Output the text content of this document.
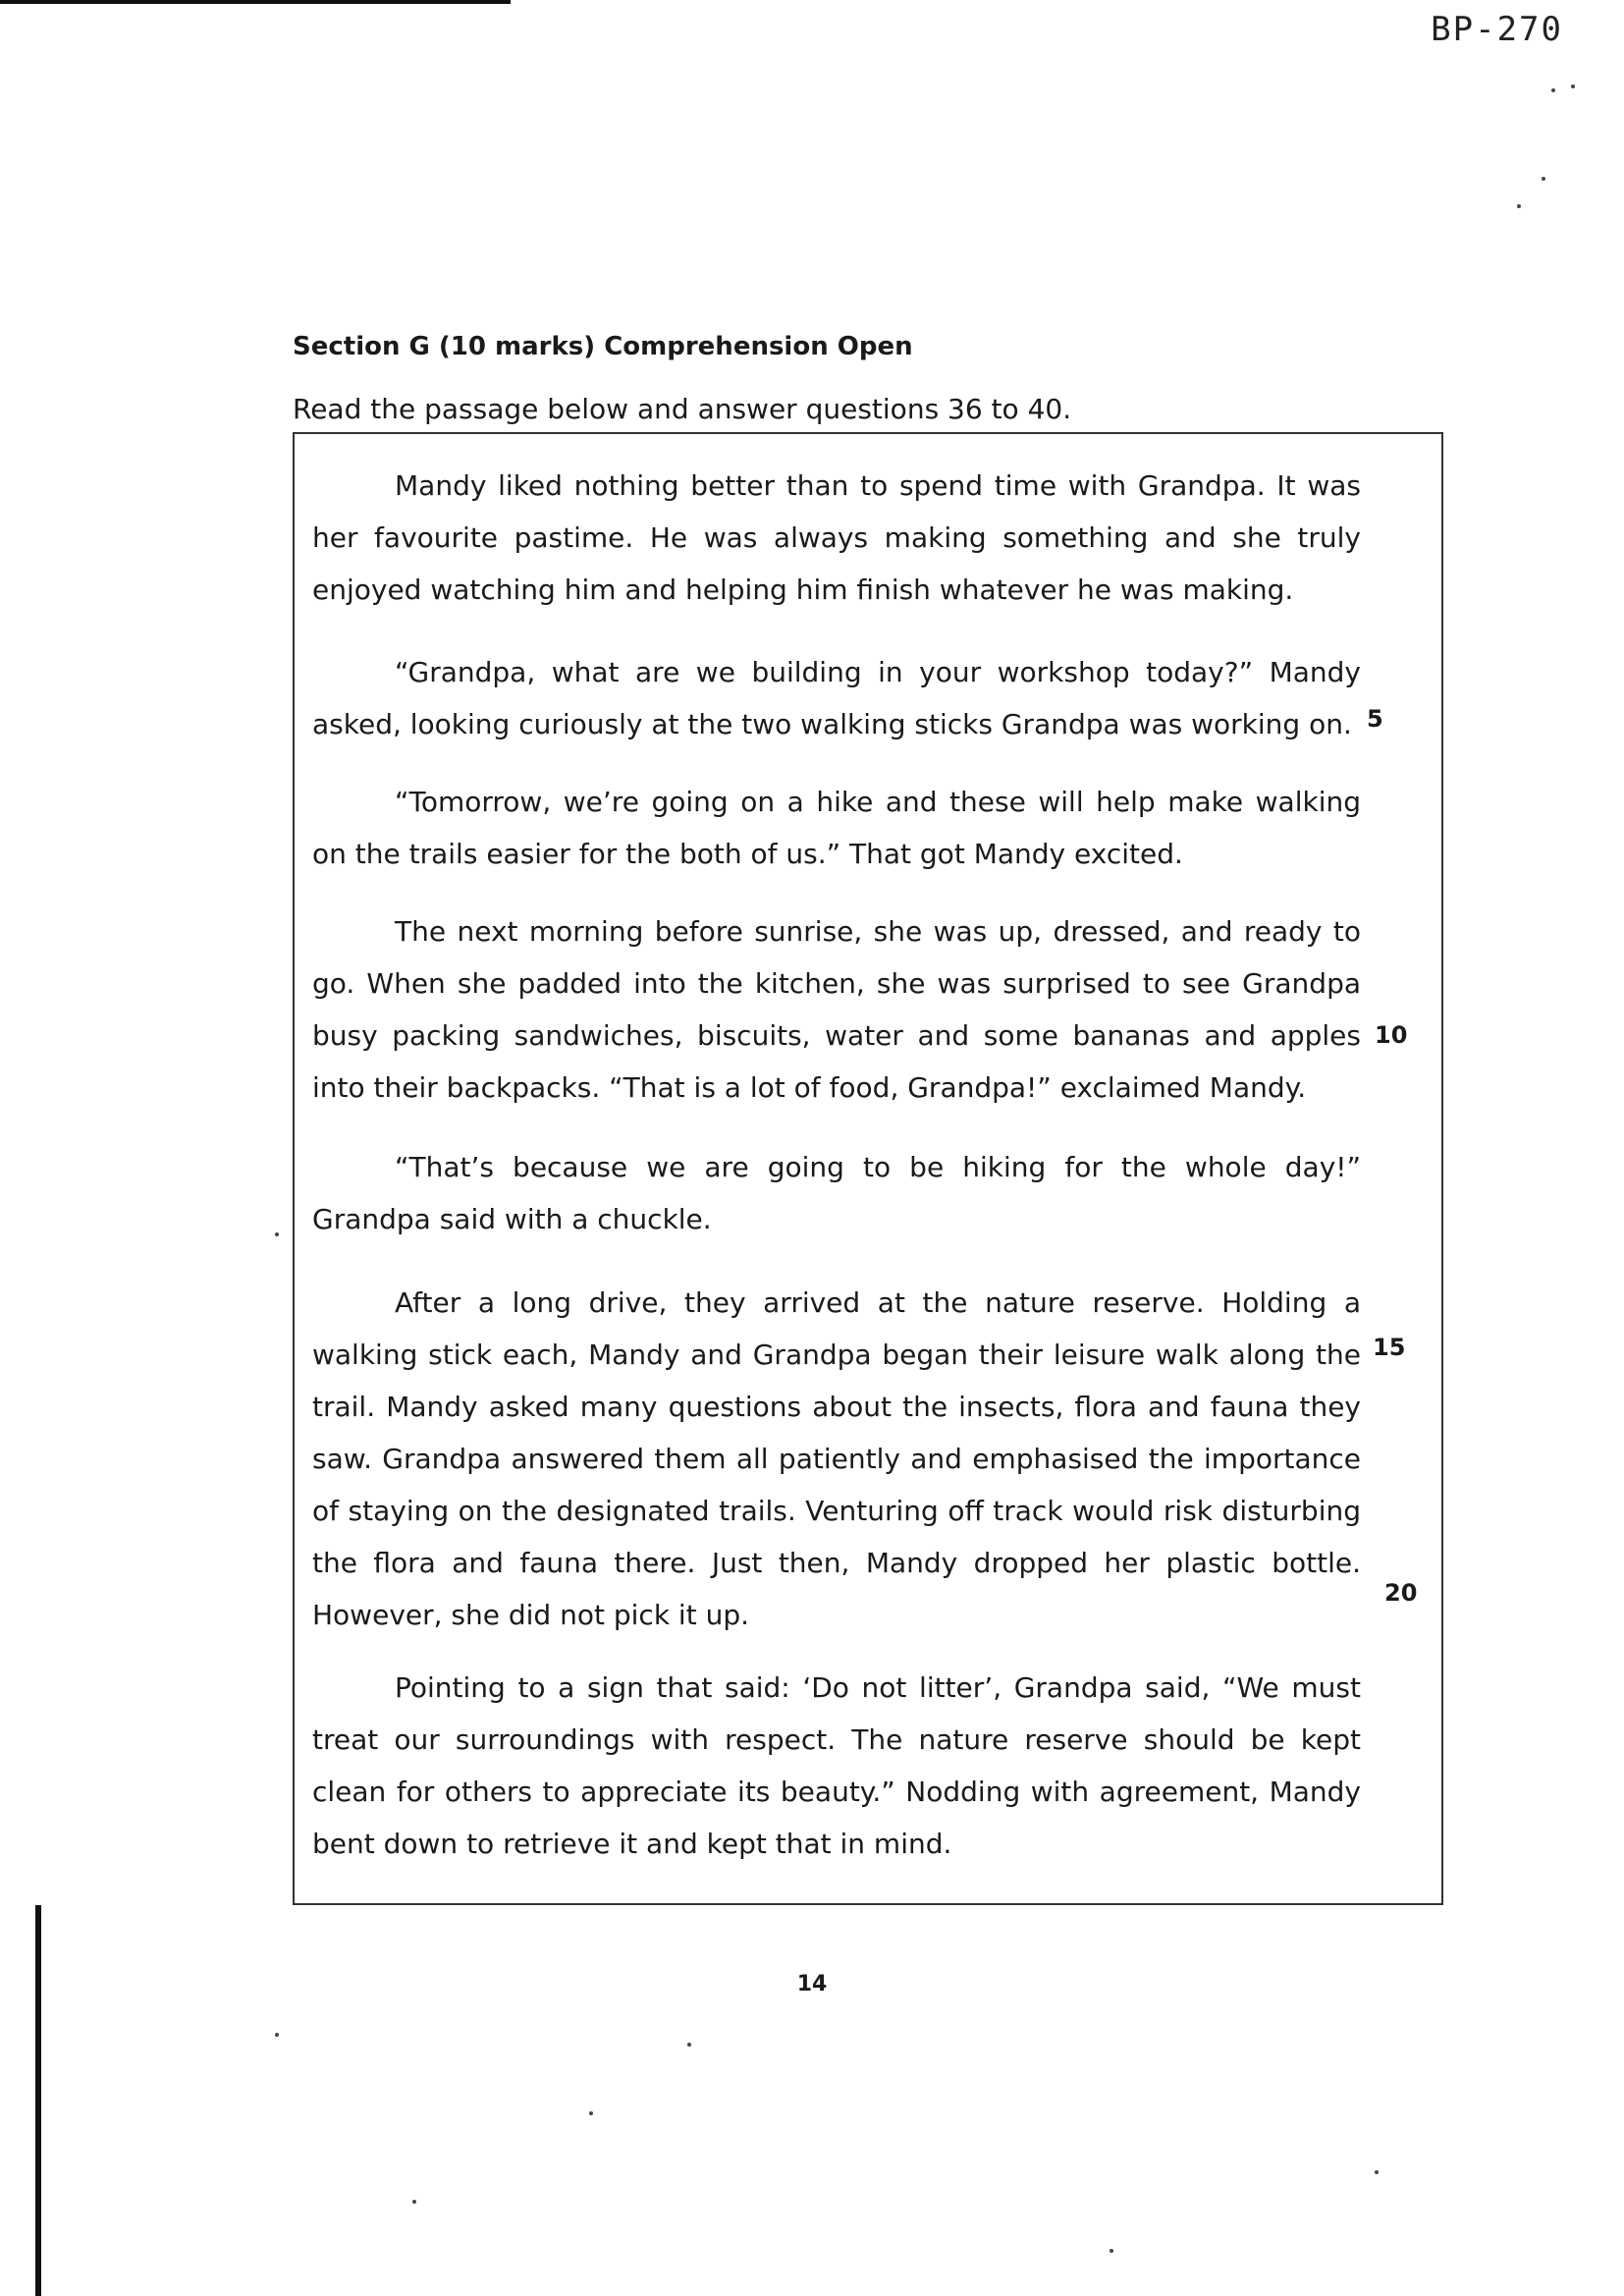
BP-270
Section G (10 marks) Comprehension Open
Read the passage below and answer questions 36 to 40.

Mandy liked nothing better than to spend time with Grandpa. It was her favourite pastime. He was always making something and she truly enjoyed watching him and helping him finish whatever he was making.

“Grandpa, what are we building in your workshop today?” Mandy asked, looking curiously at the two walking sticks Grandpa was working on.

“Tomorrow, we’re going on a hike and these will help make walking on the trails easier for the both of us.” That got Mandy excited.

The next morning before sunrise, she was up, dressed, and ready to go. When she padded into the kitchen, she was surprised to see Grandpa busy packing sandwiches, biscuits, water and some bananas and apples into their backpacks. “That is a lot of food, Grandpa!” exclaimed Mandy.

“That’s because we are going to be hiking for the whole day!” Grandpa said with a chuckle.

After a long drive, they arrived at the nature reserve. Holding a walking stick each, Mandy and Grandpa began their leisure walk along the trail. Mandy asked many questions about the insects, flora and fauna they saw. Grandpa answered them all patiently and emphasised the importance of staying on the designated trails. Venturing off track would risk disturbing the flora and fauna there. Just then, Mandy dropped her plastic bottle. However, she did not pick it up.

Pointing to a sign that said: ‘Do not litter’, Grandpa said, “We must treat our surroundings with respect. The nature reserve should be kept clean for others to appreciate its beauty.” Nodding with agreement, Mandy bent down to retrieve it and kept that in mind.

5
10
15
20
14
